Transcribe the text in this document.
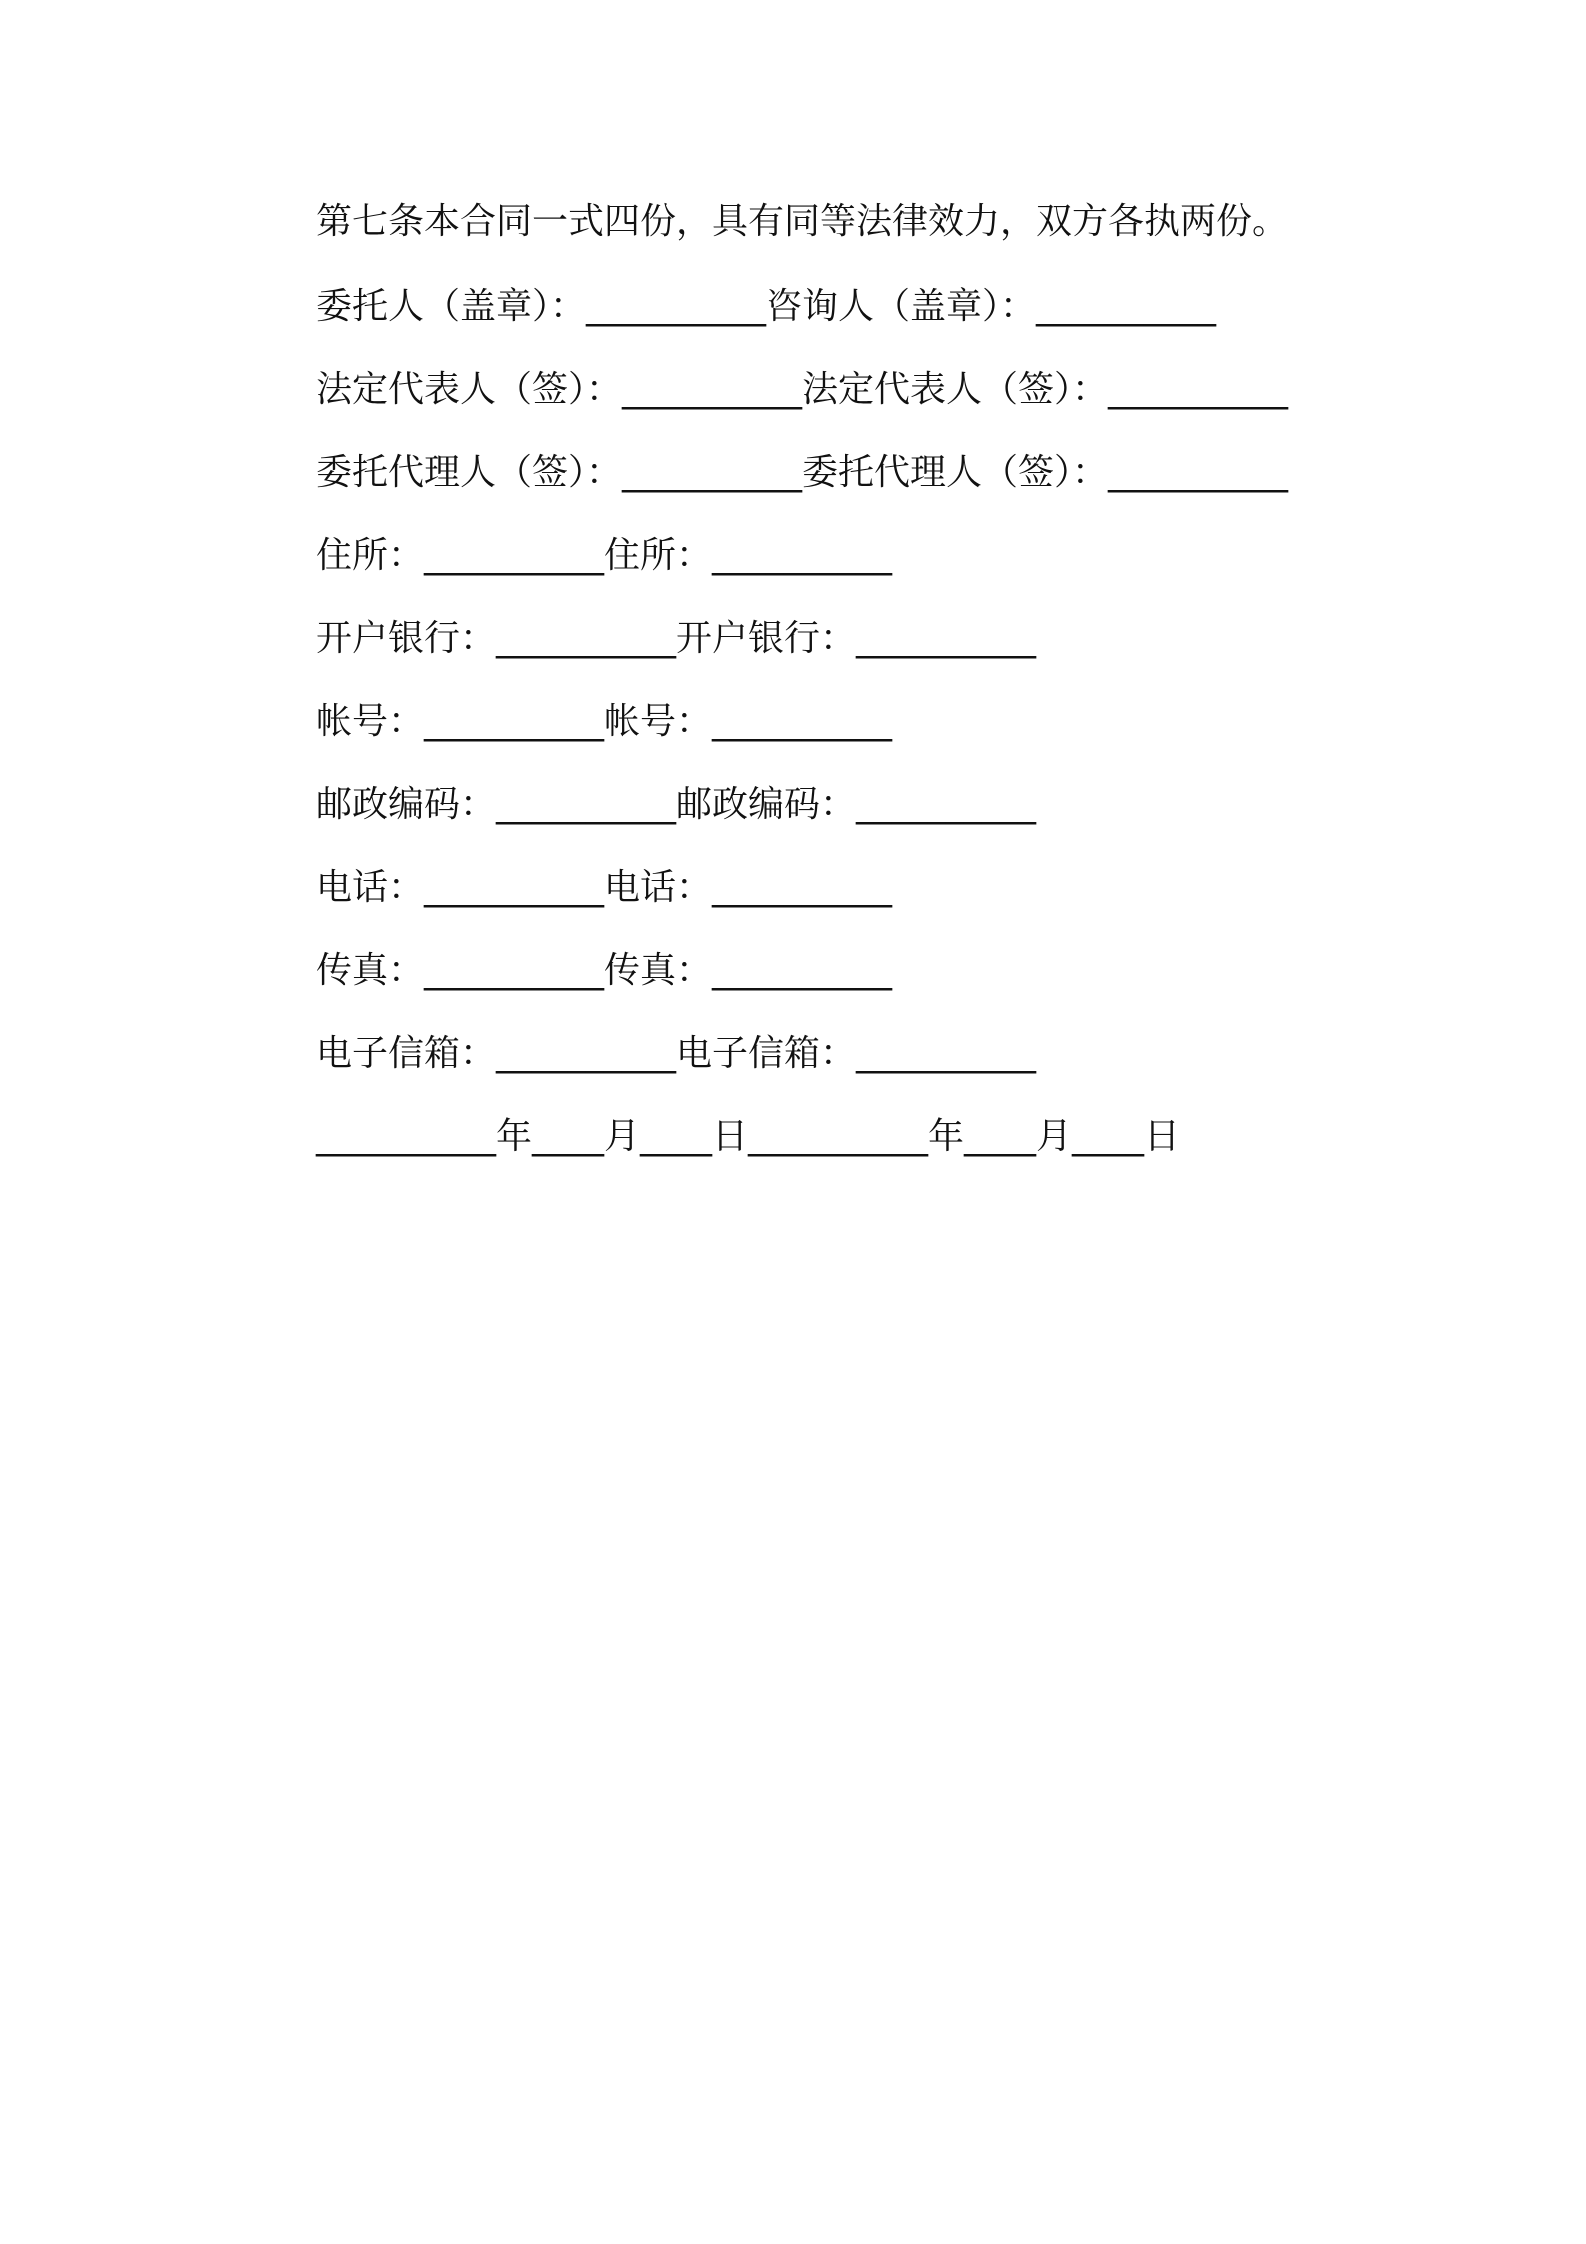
第七条本合同一式四份，具有同等法律效力，双方各执两份。
委托人（盖章）：__________咨询人（盖章）：__________
法定代表人（签）：__________法定代表人（签）：__________
委托代理人（签）：__________委托代理人（签）：__________
住所：__________住所：__________
开户银行：__________开户银行：__________
帐号：__________帐号：__________
邮政编码：__________邮政编码：__________
电话：__________电话：__________
传真：__________传真：__________
电子信箱：__________电子信箱：__________
__________年____月____日__________年____月____日
